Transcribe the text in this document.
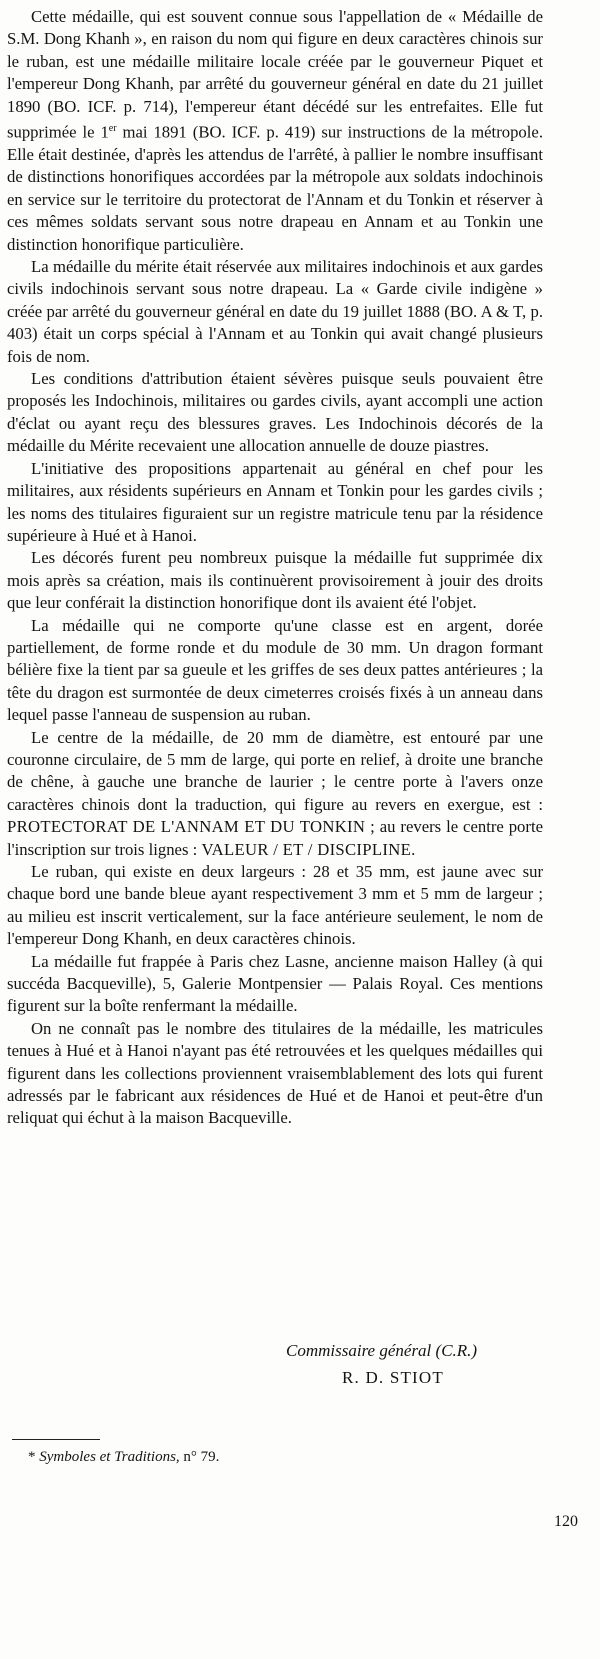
Cette médaille, qui est souvent connue sous l'appellation de « Médaille de S.M. Dong Khanh », en raison du nom qui figure en deux caractères chinois sur le ruban, est une médaille militaire locale créée par le gouverneur Piquet et l'empereur Dong Khanh, par arrêté du gouverneur général en date du 21 juillet 1890 (BO. ICF. p. 714), l'empereur étant décédé sur les entrefaites. Elle fut supprimée le 1er mai 1891 (BO. ICF. p. 419) sur instructions de la métropole. Elle était destinée, d'après les attendus de l'arrêté, à pallier le nombre insuffisant de distinctions honorifiques accordées par la métropole aux soldats indochinois en service sur le territoire du protectorat de l'Annam et du Tonkin et réserver à ces mêmes soldats servant sous notre drapeau en Annam et au Tonkin une distinction honorifique particulière.

La médaille du mérite était réservée aux militaires indochinois et aux gardes civils indochinois servant sous notre drapeau. La « Garde civile indigène » créée par arrêté du gouverneur général en date du 19 juillet 1888 (BO. A & T, p. 403) était un corps spécial à l'Annam et au Tonkin qui avait changé plusieurs fois de nom.

Les conditions d'attribution étaient sévères puisque seuls pouvaient être proposés les Indochinois, militaires ou gardes civils, ayant accompli une action d'éclat ou ayant reçu des blessures graves. Les Indochinois décorés de la médaille du Mérite recevaient une allocation annuelle de douze piastres.

L'initiative des propositions appartenait au général en chef pour les militaires, aux résidents supérieurs en Annam et Tonkin pour les gardes civils ; les noms des titulaires figuraient sur un registre matricule tenu par la résidence supérieure à Hué et à Hanoi.

Les décorés furent peu nombreux puisque la médaille fut supprimée dix mois après sa création, mais ils continuèrent provisoirement à jouir des droits que leur conférait la distinction honorifique dont ils avaient été l'objet.

La médaille qui ne comporte qu'une classe est en argent, dorée partiellement, de forme ronde et du module de 30 mm. Un dragon formant bélière fixe la tient par sa gueule et les griffes de ses deux pattes antérieures ; la tête du dragon est surmontée de deux cimeterres croisés fixés à un anneau dans lequel passe l'anneau de suspension au ruban.

Le centre de la médaille, de 20 mm de diamètre, est entouré par une couronne circulaire, de 5 mm de large, qui porte en relief, à droite une branche de chêne, à gauche une branche de laurier ; le centre porte à l'avers onze caractères chinois dont la traduction, qui figure au revers en exergue, est : PROTECTORAT DE L'ANNAM ET DU TONKIN ; au revers le centre porte l'inscription sur trois lignes : VALEUR / ET / DISCIPLINE.

Le ruban, qui existe en deux largeurs : 28 et 35 mm, est jaune avec sur chaque bord une bande bleue ayant respectivement 3 mm et 5 mm de largeur ; au milieu est inscrit verticalement, sur la face antérieure seulement, le nom de l'empereur Dong Khanh, en deux caractères chinois.

La médaille fut frappée à Paris chez Lasne, ancienne maison Halley (à qui succéda Bacqueville), 5, Galerie Montpensier — Palais Royal. Ces mentions figurent sur la boîte renfermant la médaille.

On ne connaît pas le nombre des titulaires de la médaille, les matricules tenues à Hué et à Hanoi n'ayant pas été retrouvées et les quelques médailles qui figurent dans les collections proviennent vraisemblablement des lots qui furent adressés par le fabricant aux résidences de Hué et de Hanoi et peut-être d'un reliquat qui échut à la maison Bacqueville.

Commissaire général (C.R.)
R. D. STIOT
* Symboles et Traditions, n° 79.
120
